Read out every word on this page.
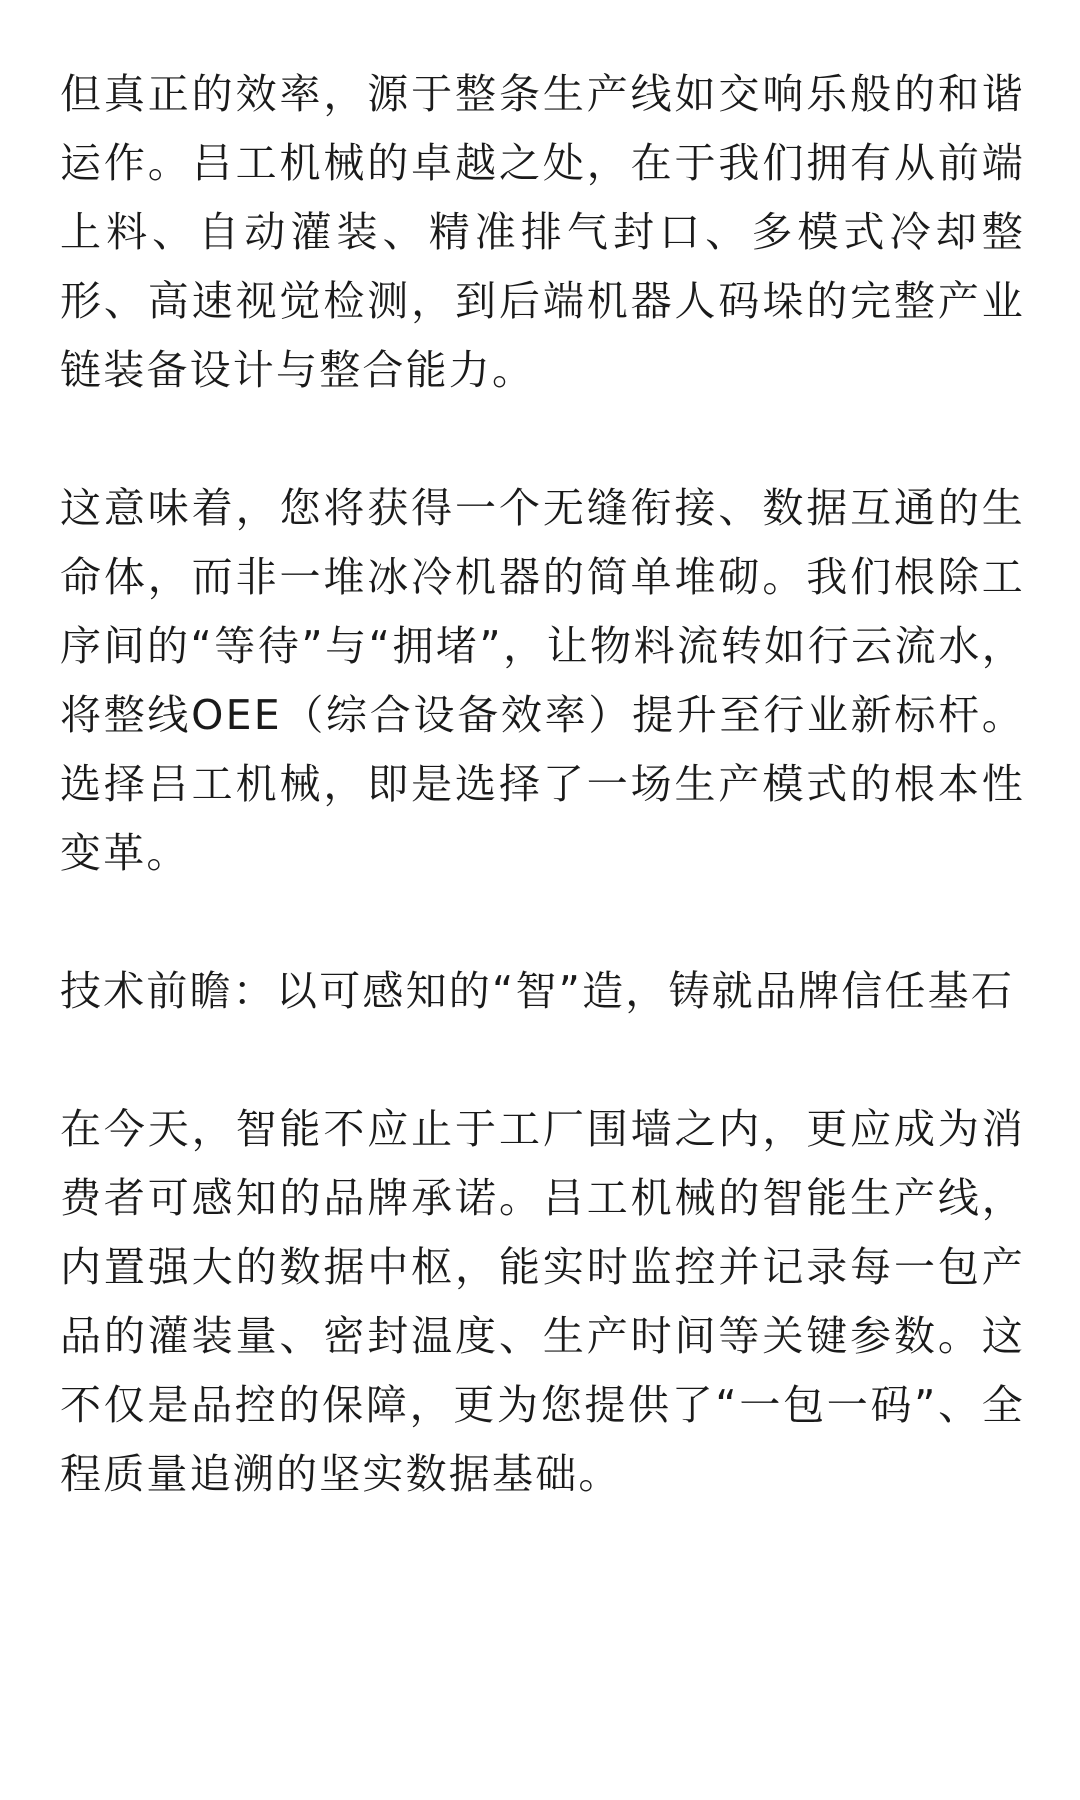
但真正的效率，源于整条生产线如交响乐般的和谐运作。吕工机械的卓越之处，在于我们拥有从前端上料、自动灌装、精准排气封口、多模式冷却整形、高速视觉检测，到后端机器人码垛的完整产业链装备设计与整合能力。

这意味着，您将获得一个无缝衔接、数据互通的生命体，而非一堆冰冷机器的简单堆砌。我们根除工序间的“等待”与“拥堵”，让物料流转如行云流水，将整线OEE（综合设备效率）提升至行业新标杆。选择吕工机械，即是选择了一场生产模式的根本性变革。

技术前瞻：以可感知的“智”造，铸就品牌信任基石

在今天，智能不应止于工厂围墙之内，更应成为消费者可感知的品牌承诺。吕工机械的智能生产线，内置强大的数据中枢，能实时监控并记录每一包产品的灌装量、密封温度、生产时间等关键参数。这不仅是品控的保障，更为您提供了“一包一码”、全程质量追溯的坚实数据基础。
